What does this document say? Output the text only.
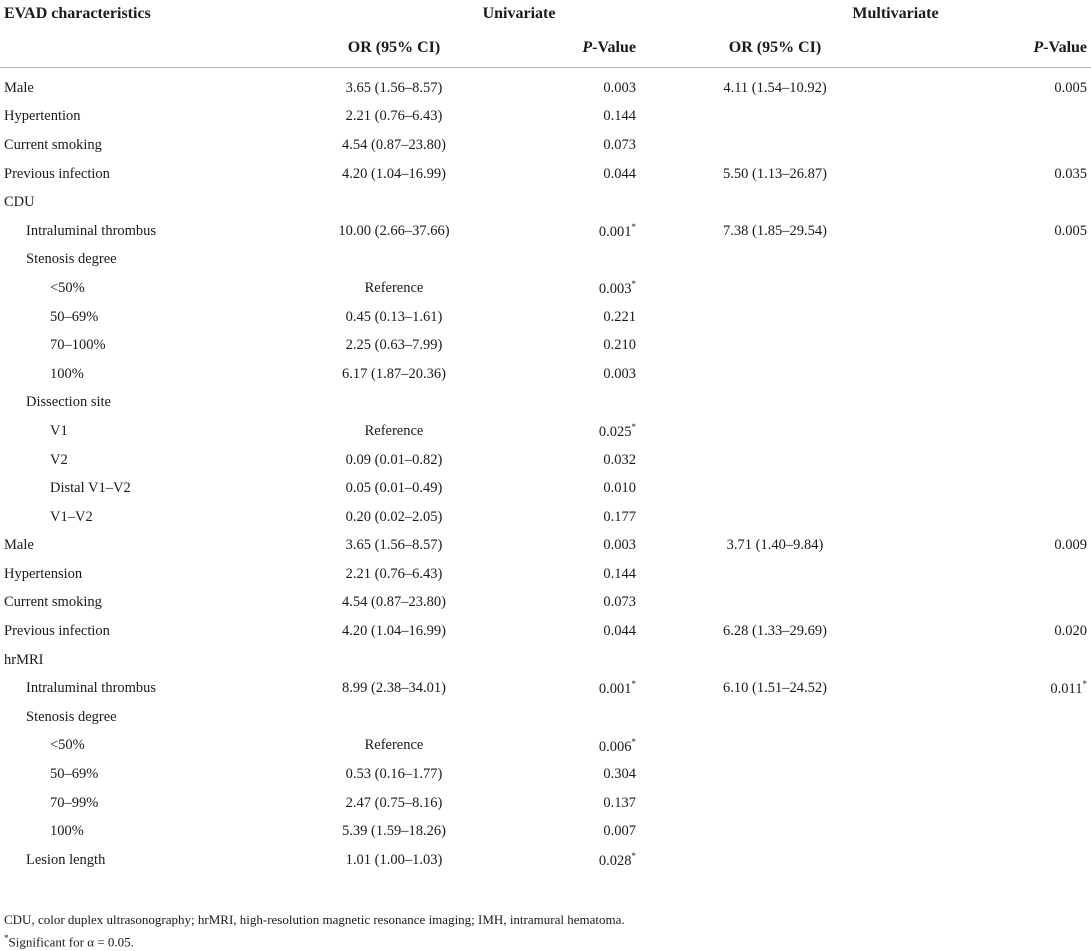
EVAD characteristics	Univariate		Multivariate	
	OR (95% CI)	P-Value	OR (95% CI)	P-Value
Male	3.65 (1.56–8.57)	0.003	4.11 (1.54–10.92)	0.005
Hypertention	2.21 (0.76–6.43)	0.144		
Current smoking	4.54 (0.87–23.80)	0.073		
Previous infection	4.20 (1.04–16.99)	0.044	5.50 (1.13–26.87)	0.035
CDU				
Intraluminal thrombus	10.00 (2.66–37.66)	0.001*	7.38 (1.85–29.54)	0.005
Stenosis degree				
<50%	Reference	0.003*		
50–69%	0.45 (0.13–1.61)	0.221		
70–100%	2.25 (0.63–7.99)	0.210		
100%	6.17 (1.87–20.36)	0.003		
Dissection site				
V1	Reference	0.025*		
V2	0.09 (0.01–0.82)	0.032		
Distal V1–V2	0.05 (0.01–0.49)	0.010		
V1–V2	0.20 (0.02–2.05)	0.177		
Male	3.65 (1.56–8.57)	0.003	3.71 (1.40–9.84)	0.009
Hypertension	2.21 (0.76–6.43)	0.144		
Current smoking	4.54 (0.87–23.80)	0.073		
Previous infection	4.20 (1.04–16.99)	0.044	6.28 (1.33–29.69)	0.020
hrMRI				
Intraluminal thrombus	8.99 (2.38–34.01)	0.001*	6.10 (1.51–24.52)	0.011*
Stenosis degree				
<50%	Reference	0.006*		
50–69%	0.53 (0.16–1.77)	0.304		
70–99%	2.47 (0.75–8.16)	0.137		
100%	5.39 (1.59–18.26)	0.007		
Lesion length	1.01 (1.00–1.03)	0.028*		

CDU, color duplex ultrasonography; hrMRI, high-resolution magnetic resonance imaging; IMH, intramural hematoma.

*Significant for α = 0.05.
